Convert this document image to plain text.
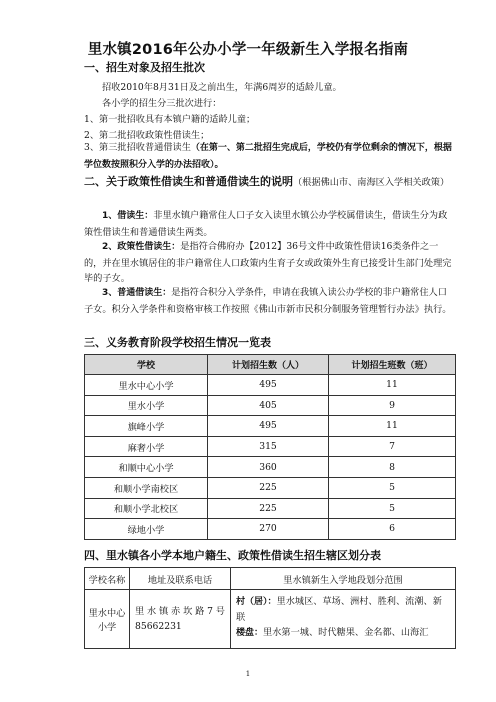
里水镇2016年公办小学一年级新生入学报名指南
一、招生对象及招生批次
招收2010年8月31日及之前出生，年满6周岁的适龄儿童。
各小学的招生分三批次进行：
1、第一批招收具有本镇户籍的适龄儿童；
2、第二批招收政策性借读生；
3、第三批招收普通借读生（在第一、第二批招生完成后，学校仍有学位剩余的情况下，根据学位数按照积分入学的办法招收）。
二、关于政策性借读生和普通借读生的说明（根据佛山市、南海区入学相关政策）
1、借读生：非里水镇户籍常住人口子女入读里水镇公办学校属借读生，借读生分为政策性借读生和普通借读生两类。
2、政策性借读生：是指符合佛府办【2012】36号文件中政策性借读16类条件之一的，并在里水镇居住的非户籍常住人口政策内生育子女或政策外生育已接受计生部门处理完毕的子女。
3、普通借读生：是指符合积分入学条件，申请在我镇入读公办学校的非户籍常住人口子女。积分入学条件和资格审核工作按照《佛山市新市民积分制服务管理暂行办法》执行。
三、义务教育阶段学校招生情况一览表
学校	计划招生数（人）	计划招生班数（班）
里水中心小学	495	11
里水小学	405	9
旗峰小学	495	11
麻奢小学	315	7
和顺中心小学	360	8
和顺小学南校区	225	5
和顺小学北校区	225	5
绿地小学	270	6
四、里水镇各小学本地户籍生、政策性借读生招生辖区划分表
学校名称	地址及联系电话	里水镇新生入学地段划分范围
里水中心小学	里水镇赤坎路7号85662231	村（居）：里水城区、草场、洲村、胜利、流潮、新联
楼盘：里水第一城、时代糖果、金名都、山海汇
1
